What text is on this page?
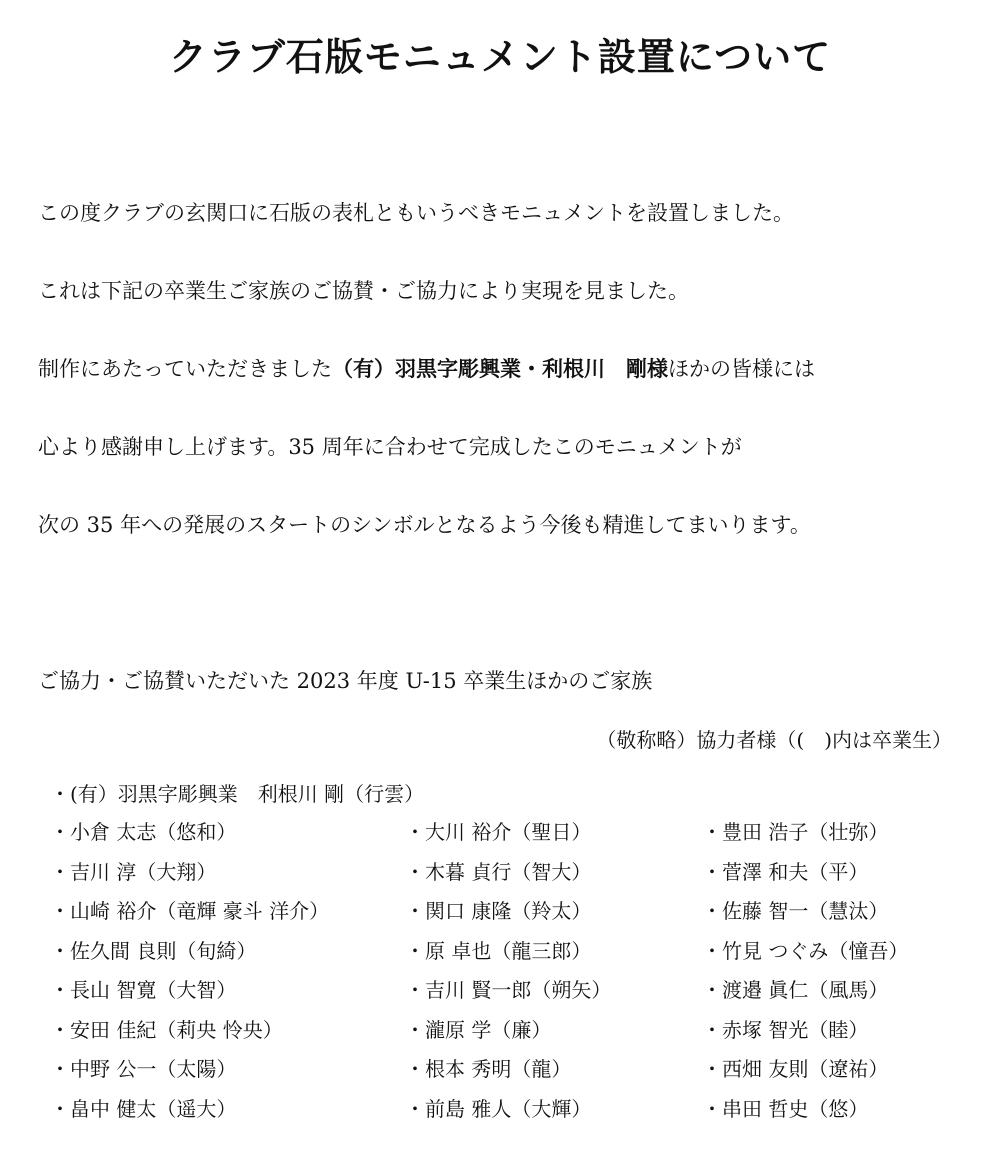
クラブ石版モニュメント設置について

この度クラブの玄関口に石版の表札ともいうべきモニュメントを設置しました。

これは下記の卒業生ご家族のご協賛・ご協力により実現を見ました。

制作にあたっていただきました（有）羽黒字彫興業・利根川　剛様ほかの皆様には

心より感謝申し上げます。35 周年に合わせて完成したこのモニュメントが

次の 35 年への発展のスタートのシンボルとなるよう今後も精進してまいります。

ご協力・ご協賛いただいた 2023 年度 U-15 卒業生ほかのご家族

（敬称略）協力者様（(　)内は卒業生）

・(有）羽黒字彫興業　利根川 剛（行雲）

・小倉 太志（悠和）
・吉川 淳（大翔）
・山崎 裕介（竜輝 豪斗 洋介）
・佐久間 良則（旬綺）
・長山 智寛（大智）
・安田 佳紀（莉央 怜央）
・中野 公一（太陽）
・畠中 健太（遥大）
・大川 裕介（聖日）
・木暮 貞行（智大）
・関口 康隆（羚太）
・原 卓也（龍三郎）
・吉川 賢一郎（朔矢）
・瀧原 学（廉）
・根本 秀明（龍）
・前島 雅人（大輝）
・豊田 浩子（壮弥）
・菅澤 和夫（平）
・佐藤 智一（慧汰）
・竹見 つぐみ（憧吾）
・渡邉 眞仁（風馬）
・赤塚 智光（睦）
・西畑 友則（遼祐）
・串田 哲史（悠）
